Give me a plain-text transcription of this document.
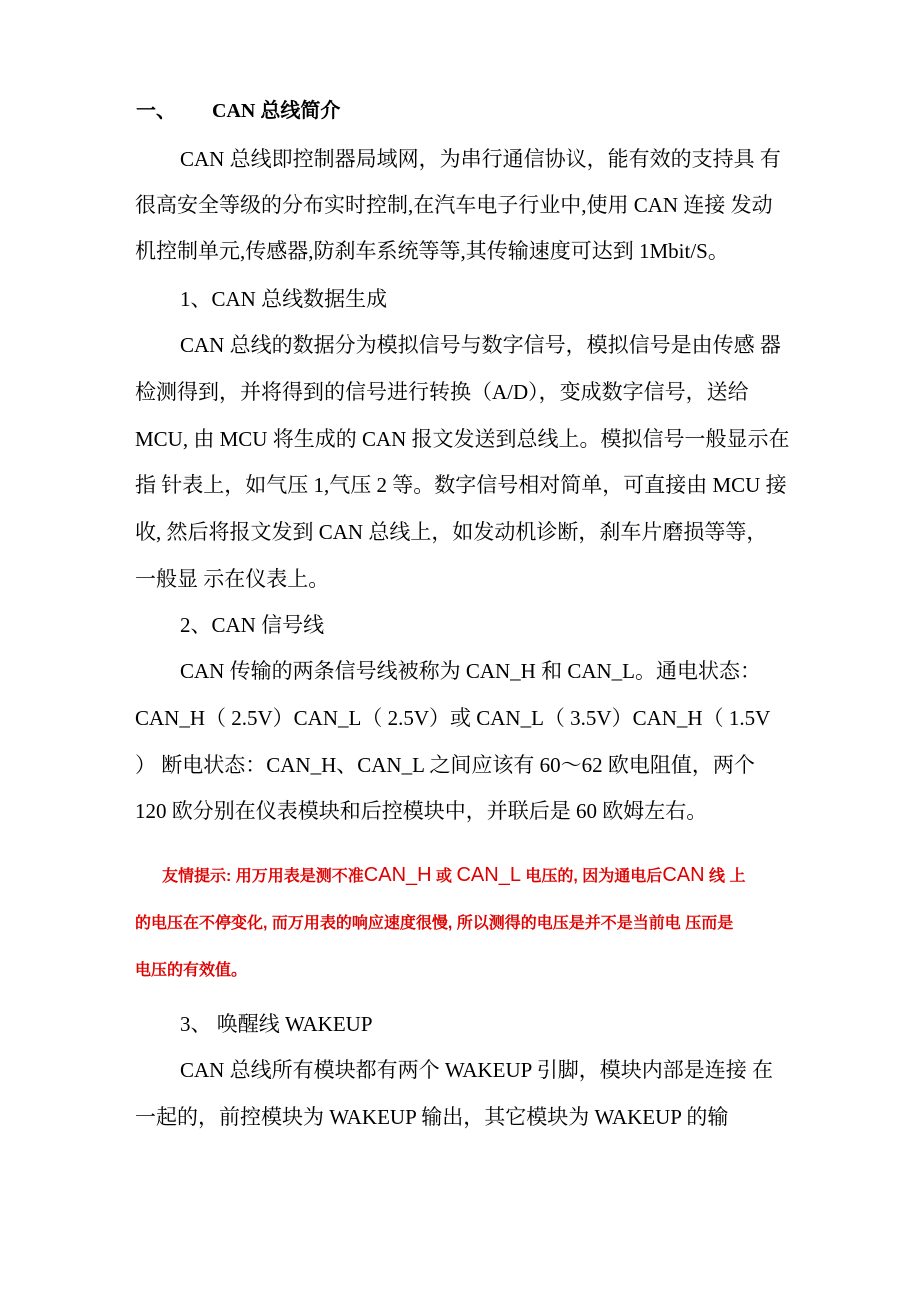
一、 CAN 总线简介
CAN 总线即控制器局域网，为串行通信协议，能有效的支持具 有
很高安全等级的分布实时控制,在汽车电子行业中,使用 CAN 连接 发动
机控制单元,传感器,防刹车系统等等,其传输速度可达到 1Mbit/S。
1、CAN 总线数据生成
CAN 总线的数据分为模拟信号与数字信号，模拟信号是由传感 器
检测得到，并将得到的信号进行转换（A/D），变成数字信号，送给
MCU, 由 MCU 将生成的 CAN 报文发送到总线上。模拟信号一般显示在
指 针表上，如气压 1,气压 2 等。数字信号相对简单，可直接由 MCU 接
收, 然后将报文发到 CAN 总线上，如发动机诊断，刹车片磨损等等，
一般显 示在仪表上。
2、CAN 信号线
CAN 传输的两条信号线被称为 CAN_H 和 CAN_L。通电状态：
CAN_H（ 2.5V）CAN_L（ 2.5V）或 CAN_L（ 3.5V）CAN_H（ 1.5V
） 断电状态：CAN_H、CAN_L 之间应该有 60～62 欧电阻值，两个
120 欧分别在仪表模块和后控模块中，并联后是 60 欧姆左右。
友情提示: 用万用表是测不准CAN_H 或 CAN_L 电压的, 因为通电后CAN 线 上
的电压在不停变化, 而万用表的响应速度很慢, 所以测得的电压是并不是当前电 压而是
电压的有效值。
3、 唤醒线 WAKEUP
CAN 总线所有模块都有两个 WAKEUP 引脚，模块内部是连接 在
一起的，前控模块为 WAKEUP 输出，其它模块为 WAKEUP 的输
